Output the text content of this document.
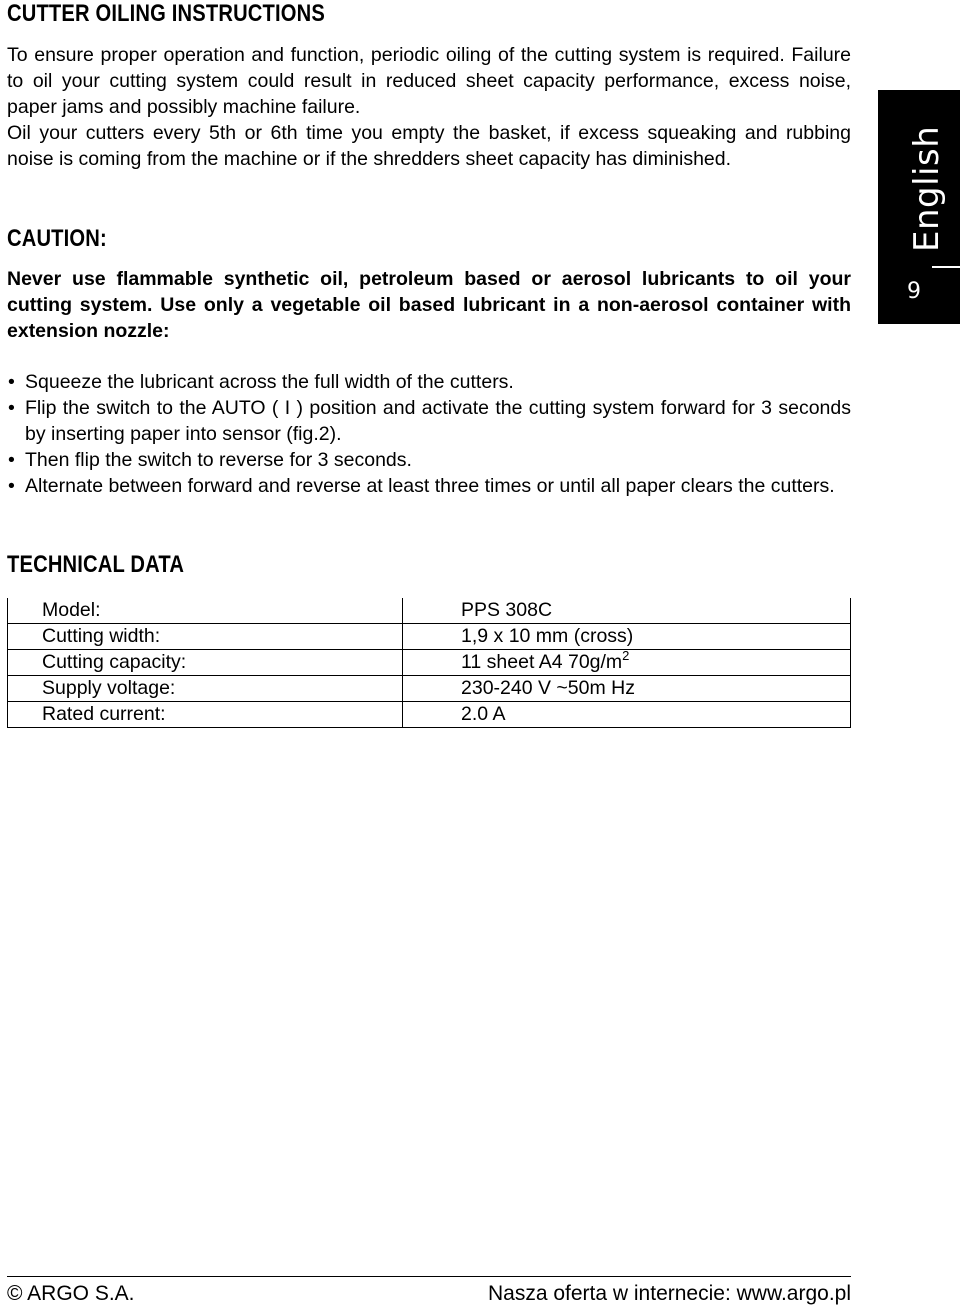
CUTTER OILING INSTRUCTIONS

To ensure proper operation and function, periodic oiling of the cutting system is required. Failure to oil your cutting system could result in reduced sheet capacity performance, excess noise, paper jams and possibly machine failure.

Oil your cutters every 5th or 6th time you empty the basket, if excess squeaking and rubbing noise is coming from the machine or if the shredders sheet capacity has diminished.

CAUTION:

Never use flammable synthetic oil, petroleum based or aerosol lubricants to oil your cutting system. Use only a vegetable oil based lubricant in a non-aerosol container with extension nozzle:

• Squeeze the lubricant across the full width of the cutters.
• Flip the switch to the AUTO ( I ) position and activate the cutting system forward for 3 seconds by inserting paper into sensor (fig.2).
• Then flip the switch to reverse for 3 seconds.
• Alternate between forward and reverse at least three times or until all paper clears the cutters.
TECHNICAL DATA
Model:	PPS 308C
Cutting width:	1,9 x 10 mm (cross)
Cutting capacity:	11 sheet A4 $70g/m^2$
Supply voltage:	230-240 V ~50m Hz
Rated current:	2.0 A
English
9
© ARGO S.A.	Nasza oferta w internecie: www.argo.pl
